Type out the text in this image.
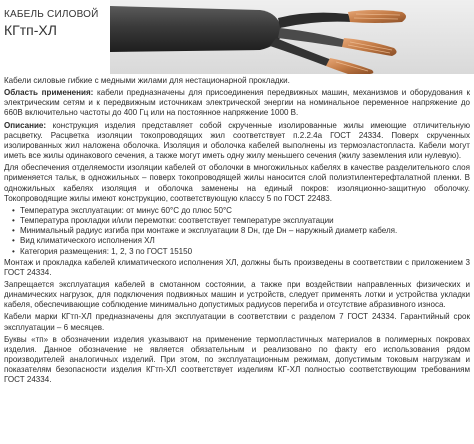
КАБЕЛЬ СИЛОВОЙ
КГтп-ХЛ

Кабели силовые гибкие с медными жилами для нестационарной прокладки.

Область применения: кабели предназначены для присоединения передвижных машин, механизмов и оборудования к электрическим сетям и к передвижным источникам электрической энергии на номинальное переменное напряжение до 660В включительно частоты до 400 Гц или на постоянное напряжение 1000 В.

Описание: конструкция изделия представляет собой скрученные изолированные жилы имеющие отличительную расцветку. Расцветка изоляции токопроводящих жил соответствует п.2.2.4а ГОСТ 24334. Поверх скрученных изолированных жил наложена оболочка. Изоляция и оболочка кабелей выполнены из термоэластопласта. Кабели могут иметь все жилы одинакового сечения, а также могут иметь одну жилу меньшего сечения (жилу заземления или нулевую).

Для обеспечения отделяемости изоляции кабелей от оболочки в многожильных кабелях в качестве разделительного слоя применяется тальк, в одножильных – поверх токопроводящей жилы наносится слой полиэтилентерефталатной пленки. В одножильных кабелях изоляция и оболочка заменены на единый покров: изоляционно-защитную оболочку. Токопроводящие жилы имеют конструкцию, соответствующую классу 5 по ГОСТ 22483.

• Температура эксплуатации: от минус 60°С до плюс 50°С
• Температура прокладки и/или перемотки: соответствует температуре эксплуатации
• Минимальный радиус изгиба при монтаже и эксплуатации 8 Dн, где Dн – наружный диаметр кабеля.
• Вид климатического исполнения ХЛ
• Категория размещения: 1, 2, 3 по ГОСТ 15150

Монтаж и прокладка кабелей климатического исполнения ХЛ, должны быть произведены в соответствии с приложением 3 ГОСТ 24334.

Запрещается эксплуатация кабелей в смотанном состоянии, а также при воздействии направленных физических и динамических нагрузок, для подключения подвижных машин и устройств, следует применять лотки и устройства укладки кабеля, обеспечивающие соблюдение минимально допустимых радиусов перегиба и отсутствие абразивного износа.

Кабели марки КГтп-ХЛ предназначены для эксплуатации в соответствии с разделом 7 ГОСТ 24334. Гарантийный срок эксплуатации – 6 месяцев.

Буквы «тп» в обозначении изделия указывают на применение термопластичных материалов в полимерных покровах изделия. Данное обозначение не является обязательным и реализовано по факту его использования рядом производителей аналогичных изделий. При этом, по эксплуатационным режимам, допустимым токовым нагрузкам и показателям безопасности изделия КГтп-ХЛ соответствует изделиям КГ-ХЛ полностью соответствующим требованиям ГОСТ 24334.
